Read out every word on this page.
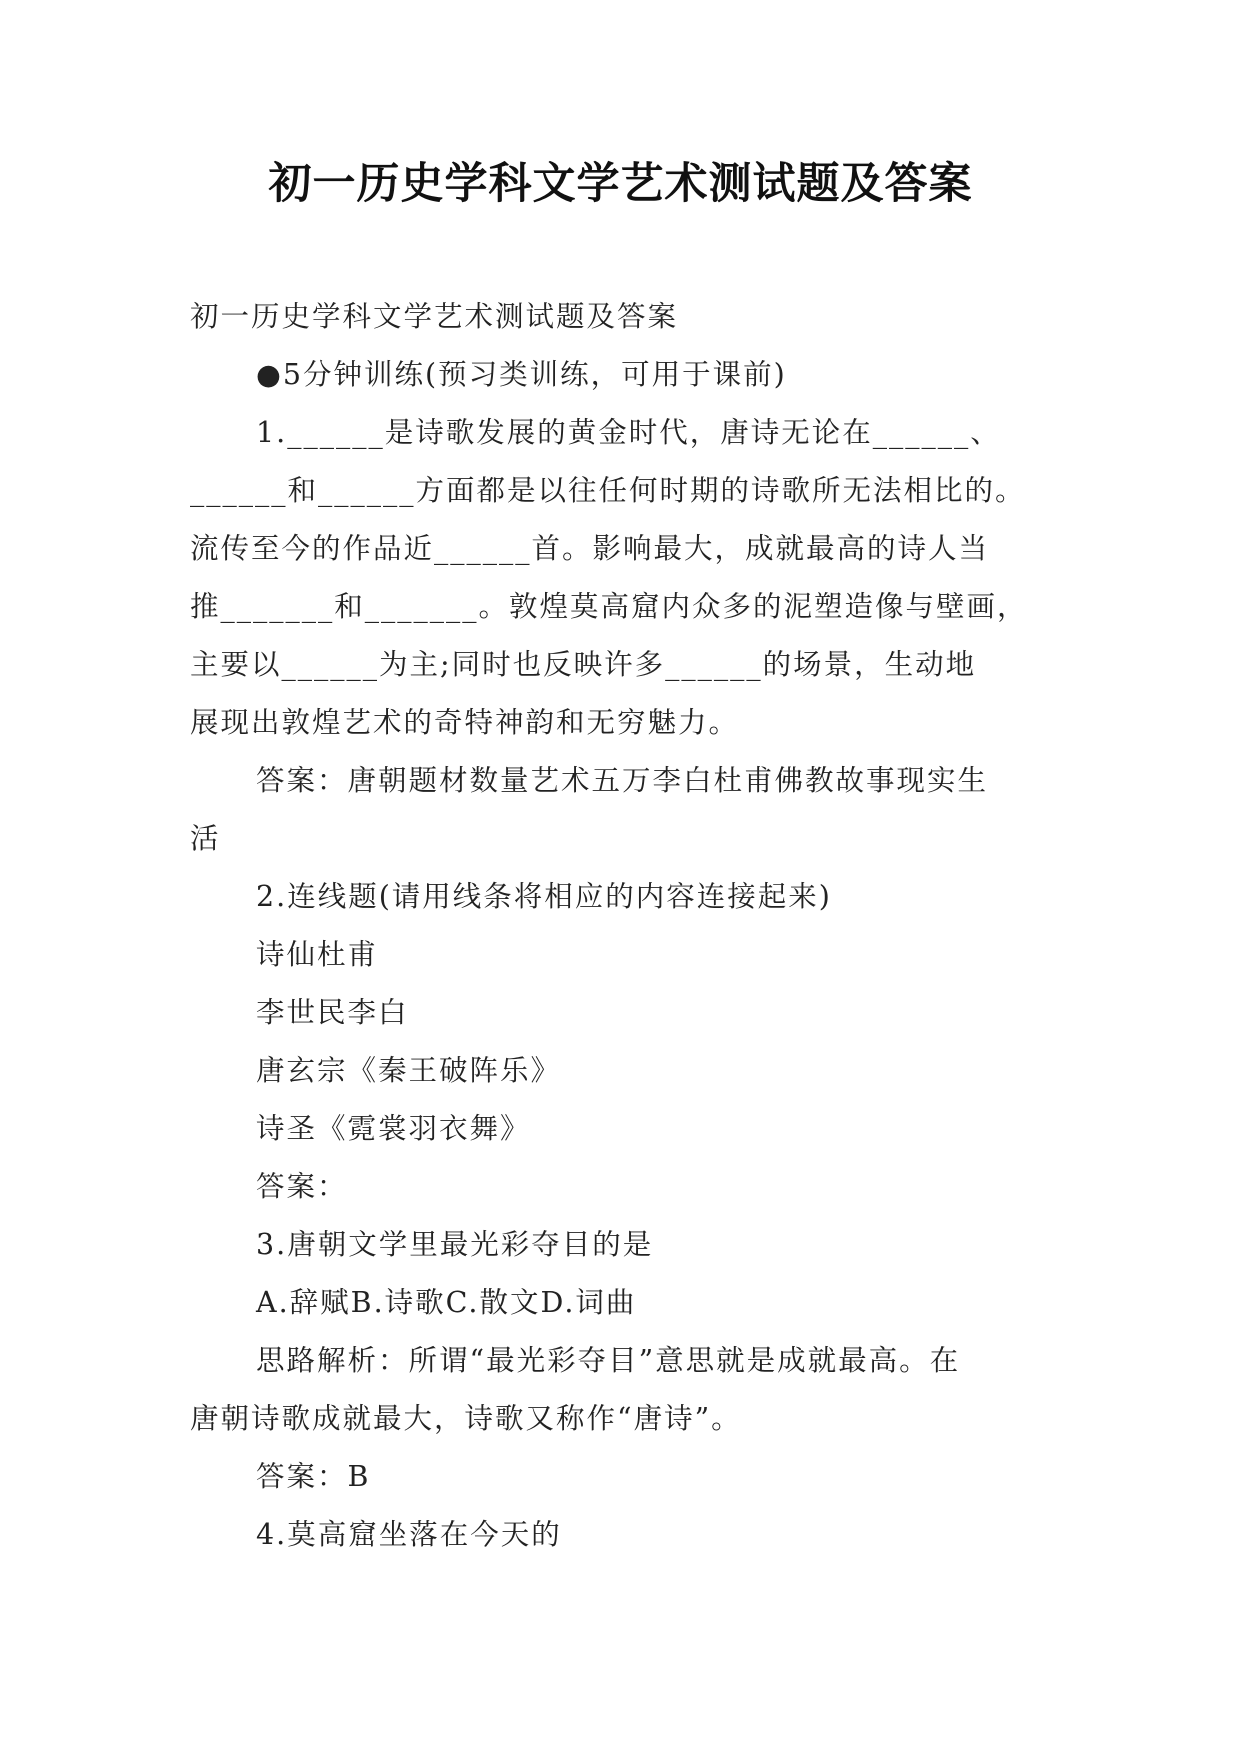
初一历史学科文学艺术测试题及答案

初一历史学科文学艺术测试题及答案

●5分钟训练(预习类训练，可用于课前)

1.______是诗歌发展的黄金时代，唐诗无论在______、

______和______方面都是以往任何时期的诗歌所无法相比的。

流传至今的作品近______首。影响最大，成就最高的诗人当

推_______和_______。敦煌莫高窟内众多的泥塑造像与壁画，

主要以______为主;同时也反映许多______的场景，生动地

展现出敦煌艺术的奇特神韵和无穷魅力。

答案：唐朝题材数量艺术五万李白杜甫佛教故事现实生

活

2.连线题(请用线条将相应的内容连接起来)

诗仙杜甫

李世民李白

唐玄宗《秦王破阵乐》

诗圣《霓裳羽衣舞》

答案：

3.唐朝文学里最光彩夺目的是

A.辞赋B.诗歌C.散文D.词曲

思路解析：所谓“最光彩夺目”意思就是成就最高。在

唐朝诗歌成就最大，诗歌又称作“唐诗”。

答案：B

4.莫高窟坐落在今天的
